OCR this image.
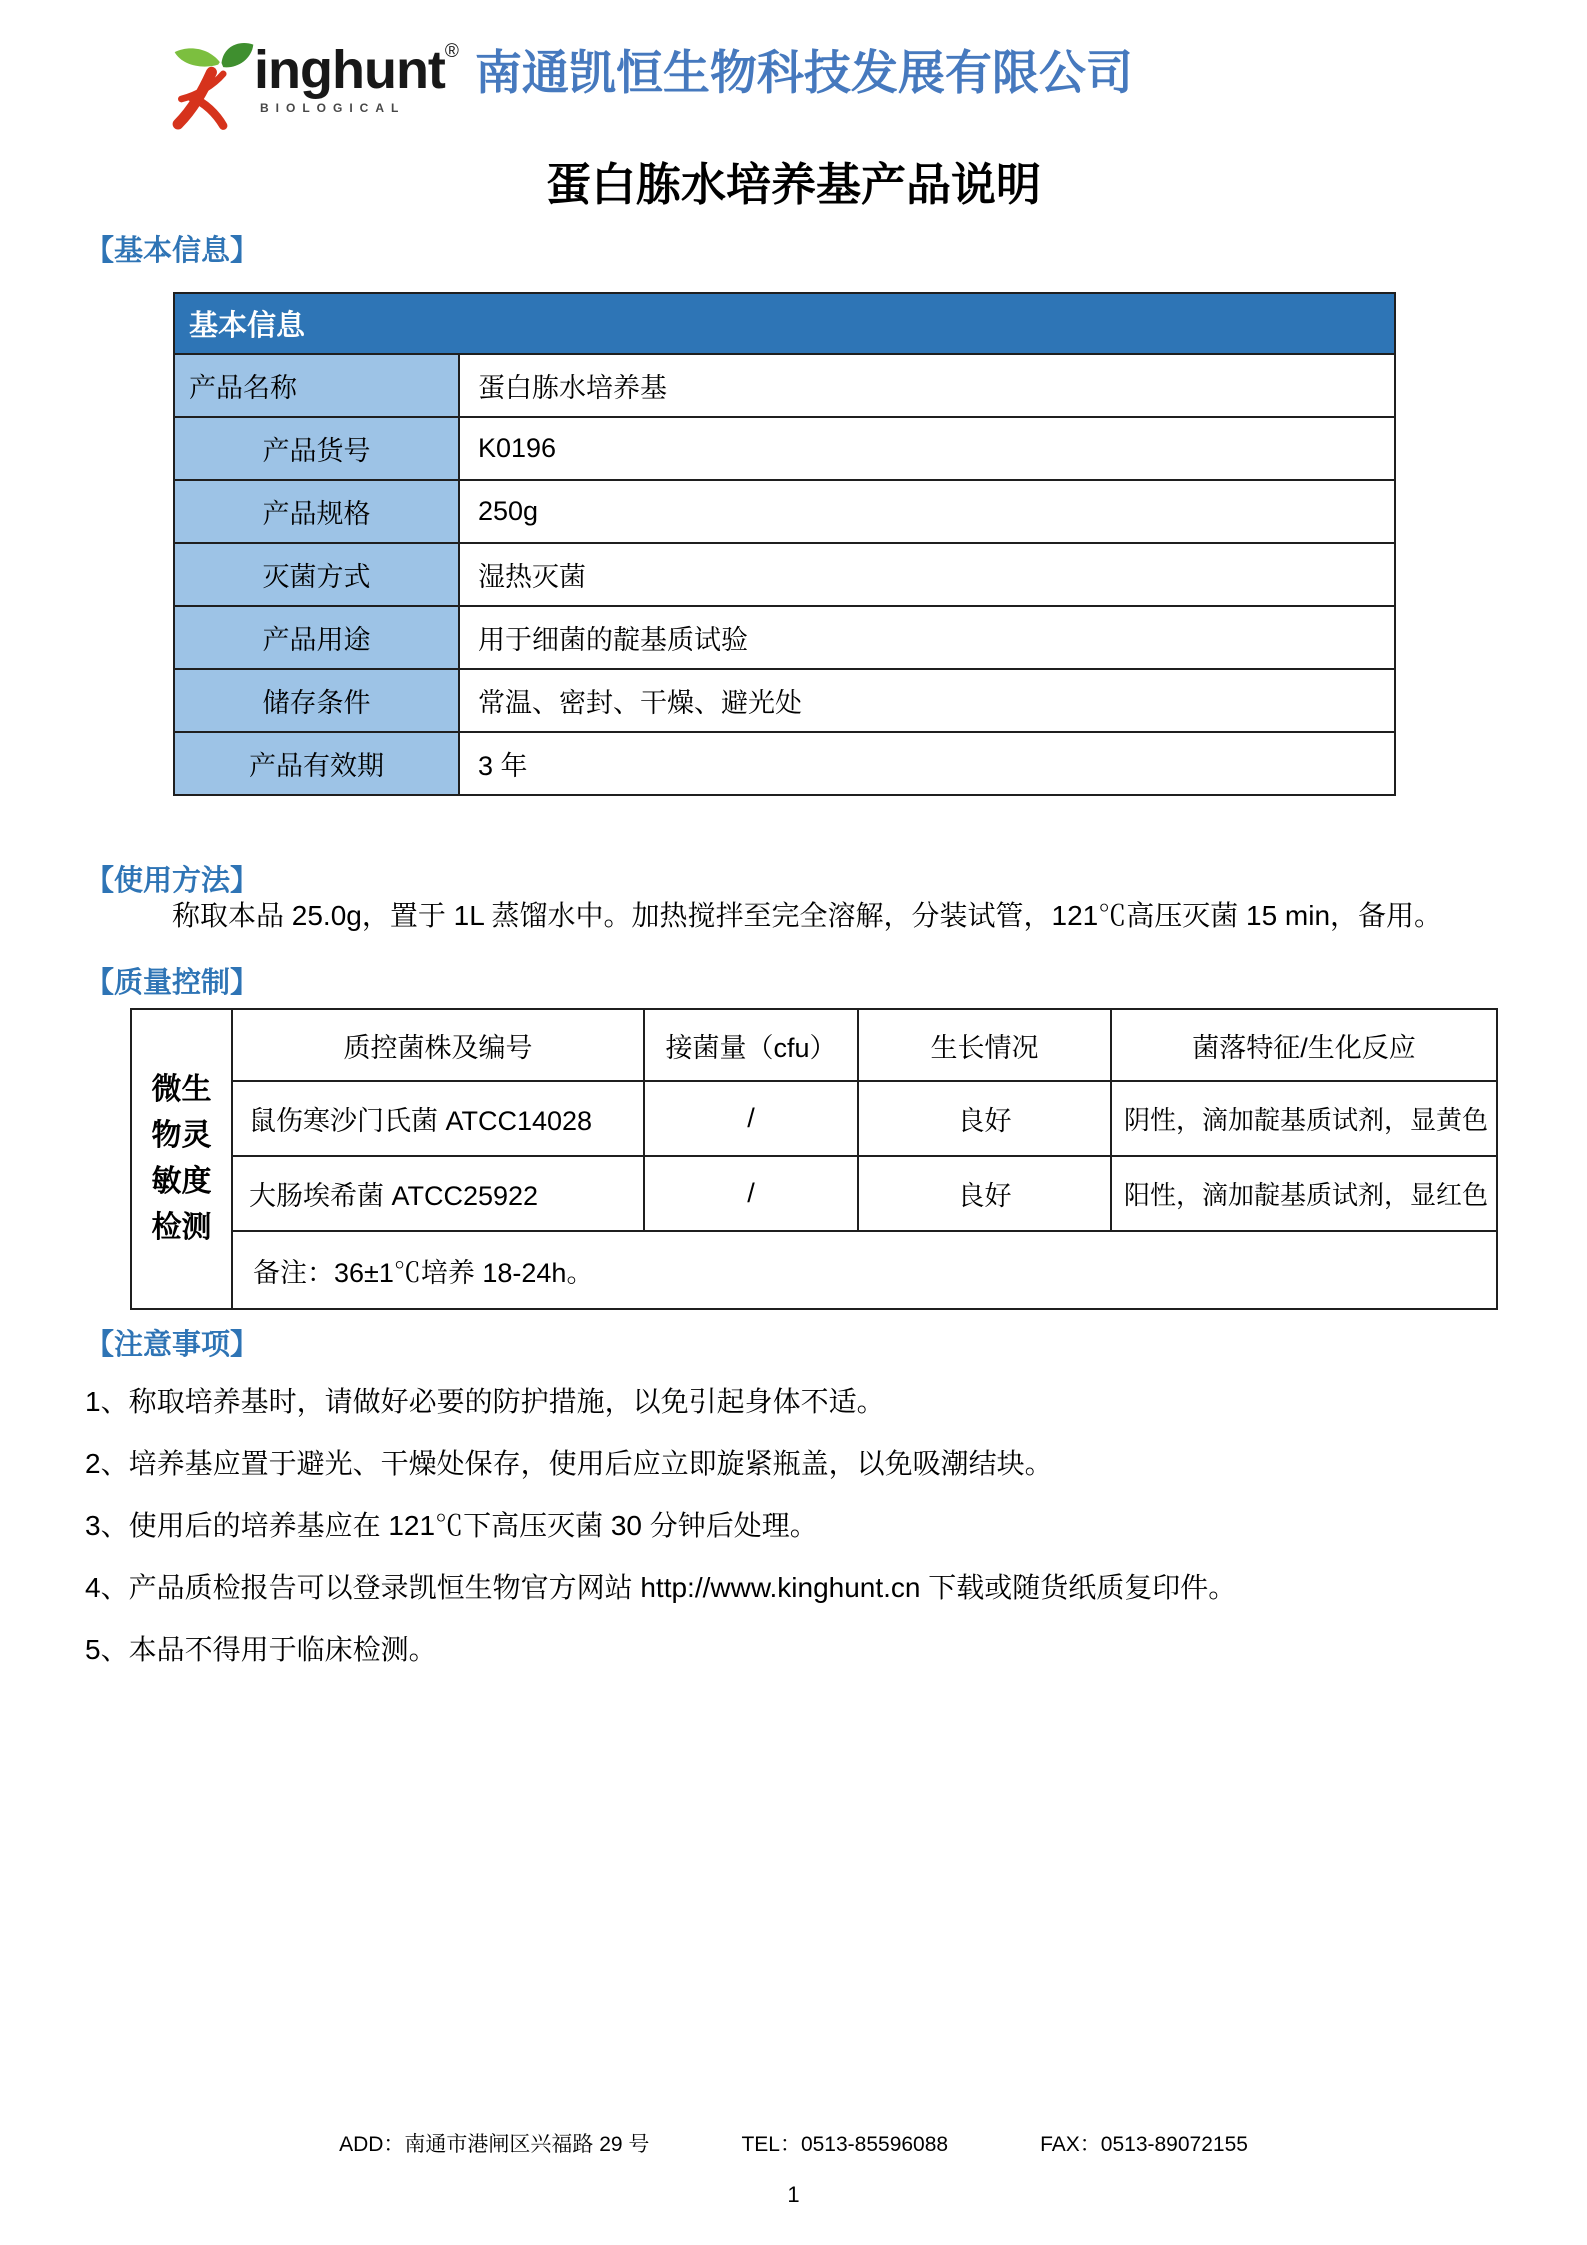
inghunt ®
BIOLOGICAL
南通凯恒生物科技发展有限公司
蛋白胨水培养基产品说明
【基本信息】
基本信息	
产品名称	蛋白胨水培养基
产品货号	K0196
产品规格	250g
灭菌方式	湿热灭菌
产品用途	用于细菌的靛基质试验
储存条件	常温、密封、干燥、避光处
产品有效期	3 年
【使用方法】
称取本品 25.0g，置于 1L 蒸馏水中。加热搅拌至完全溶解，分装试管，121℃高压灭菌 15 min，备用。
【质量控制】
微生物灵敏度检测	质控菌株及编号	接菌量（cfu）	生长情况	菌落特征/生化反应
	鼠伤寒沙门氏菌 ATCC14028	/	良好	阴性，滴加靛基质试剂，显黄色
	大肠埃希菌 ATCC25922	/	良好	阳性，滴加靛基质试剂，显红色
	备注：36±1℃培养 18-24h。			
【注意事项】
1、称取培养基时，请做好必要的防护措施，以免引起身体不适。
2、培养基应置于避光、干燥处保存，使用后应立即旋紧瓶盖，以免吸潮结块。
3、使用后的培养基应在 121℃下高压灭菌 30 分钟后处理。
4、产品质检报告可以登录凯恒生物官方网站 http://www.kinghunt.cn 下载或随货纸质复印件。
5、本品不得用于临床检测。
ADD：南通市港闸区兴福路 29 号	TEL：0513-85596088	FAX：0513-89072155
1
